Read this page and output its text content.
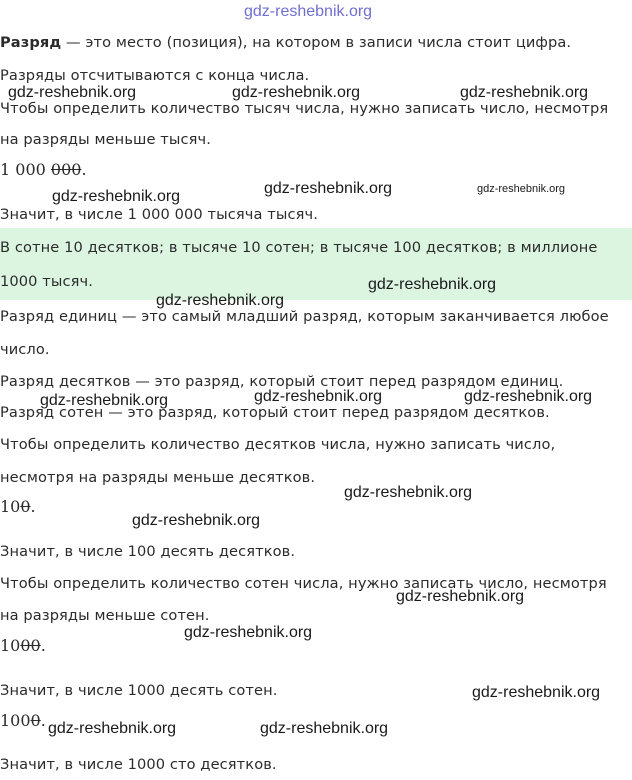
gdz-reshebnik.org
Разряд — это место (позиция), на котором в записи числа стоит цифра.
Разряды отсчитываются с конца числа.
Чтобы определить количество тысяч числа, нужно записать число, несмотря
на разряды меньше тысяч.
1 000 000.
Значит, в числе 1 000 000 тысяча тысяч.
В сотне 10 десятков; в тысяче 10 сотен; в тысяче 100 десятков; в миллионе
1000 тысяч.
Разряд единиц — это самый младший разряд, которым заканчивается любое
число.
Разряд десятков — это разряд, который стоит перед разрядом единиц.
Разряд сотен — это разряд, который стоит перед разрядом десятков.
Чтобы определить количество десятков числа, нужно записать число,
несмотря на разряды меньше десятков.
100.
Значит, в числе 100 десять десятков.
Чтобы определить количество сотен числа, нужно записать число, несмотря
на разряды меньше сотен.
1000.
Значит, в числе 1000 десять сотен.
1000.
Значит, в числе 1000 сто десятков.
gdz-reshebnik.org	gdz-reshebnik.org	gdz-reshebnik.org
gdz-reshebnik.org	gdz-reshebnik.org	gdz-reshebnik.org
gdz-reshebnik.org
gdz-reshebnik.org
gdz-reshebnik.org	gdz-reshebnik.org	gdz-reshebnik.org
gdz-reshebnik.org
gdz-reshebnik.org
gdz-reshebnik.org
gdz-reshebnik.org
gdz-reshebnik.org
gdz-reshebnik.org	gdz-reshebnik.org
